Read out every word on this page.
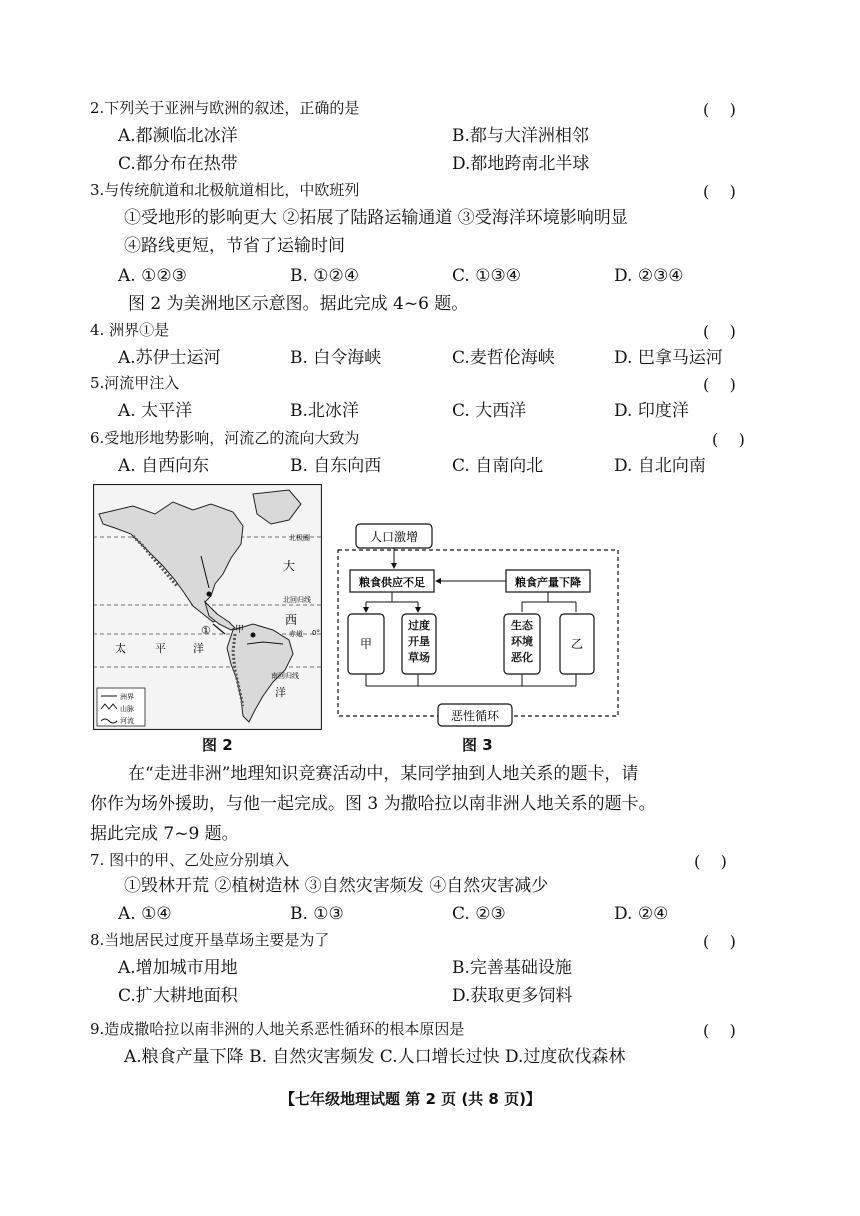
2.下列关于亚洲与欧洲的叙述，正确的是	(    )
A.都濒临北冰洋	B.都与大洋洲相邻
C.都分布在热带	D.都地跨南北半球
3.与传统航道和北极航道相比，中欧班列	(    )
①受地形的影响更大 ②拓展了陆路运输通道 ③受海洋环境影响明显
④路线更短，节省了运输时间
A. ①②③	B. ①②④	C. ①③④	D. ②③④
图 2 为美洲地区示意图。据此完成 4~6 题。
4. 洲界①是	(    )
A.苏伊士运河	B. 白令海峡	C.麦哲伦海峡	D. 巴拿马运河
5.河流甲注入	(    )
A. 太平洋	B.北冰洋	C. 大西洋	D. 印度洋
6.受地形地势影响，河流乙的流向大致为	(    )
A. 自西向东	B. 自东向西	C. 自南向北	D. 自北向南
北极圈
北回归线
赤道 0°
南回归线
大
西
洋
太	平 洋
①	甲
洲界
山脉
河流
图 2
人口激增
粮食供应不足	粮食产量下降
甲
过度开垦草场
生态环境恶化
乙
恶性循环
图 3
在“走进非洲”地理知识竞赛活动中，某同学抽到人地关系的题卡，请
你作为场外援助，与他一起完成。图 3 为撒哈拉以南非洲人地关系的题卡。
据此完成 7~9 题。
7. 图中的甲、乙处应分别填入	(    )
①毁林开荒 ②植树造林 ③自然灾害频发 ④自然灾害减少
A. ①④	B. ①③	C. ②③	D. ②④
8.当地居民过度开垦草场主要是为了	(    )
A.增加城市用地	B.完善基础设施
C.扩大耕地面积	D.获取更多饲料
9.造成撒哈拉以南非洲的人地关系恶性循环的根本原因是	(    )
A.粮食产量下降 B. 自然灾害频发 C.人口增长过快 D.过度砍伐森林
【七年级地理试题 第 2 页 (共 8 页)】
